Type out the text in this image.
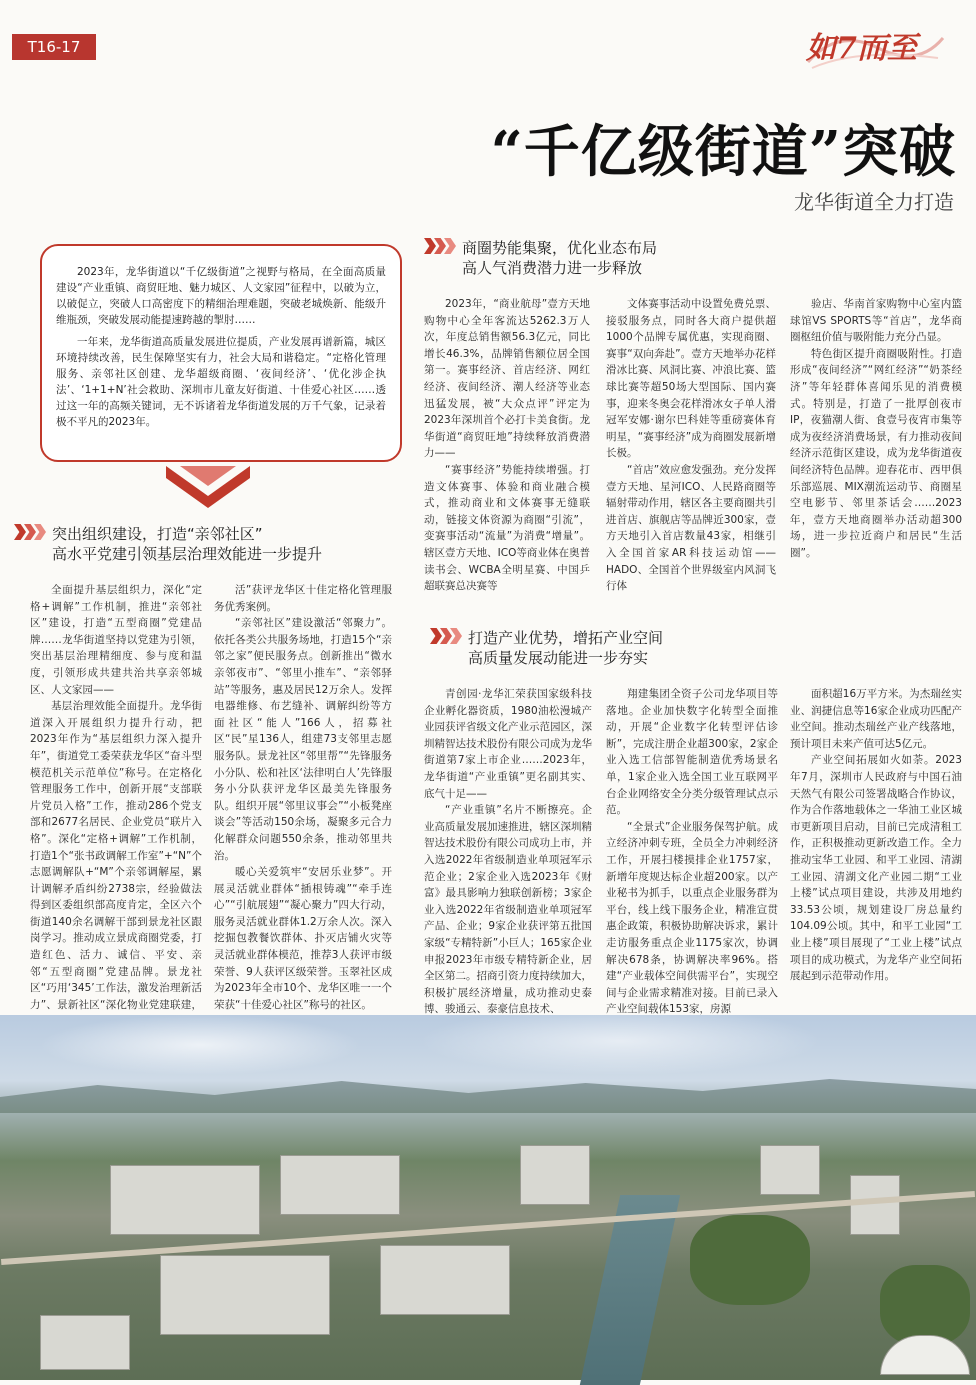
T16-17	如7而至
“千亿级街道”突破
龙华街道全力打造

2023年，龙华街道以“千亿级街道”之视野与格局，在全面高质量建设“产业重镇、商贸旺地、魅力城区、人文家园”征程中，以破为立，以破促立，突破人口高密度下的精细治理难题，突破老城焕新、能级升维瓶颈，突破发展动能提速跨越的掣肘……

一年来，龙华街道高质量发展进位提质，产业发展再谱新篇，城区环境持续改善，民生保障坚实有力，社会大局和谐稳定。“定格化管理服务、亲邻社区创建、龙华超级商圈、‘夜间经济’、‘优化涉企执法’、‘1+1+N’社会救助、深圳市儿童友好街道、十佳爱心社区……透过这一年的高频关键词，无不诉诸着龙华街道发展的万千气象，记录着极不平凡的2023年。

商圈势能集聚，优化业态布局
高人气消费潜力进一步释放

2023年，“商业航母”壹方天地购物中心全年客流达5262.3万人次，年度总销售额56.3亿元，同比增长46.3%，品牌销售额位居全国第一。赛事经济、首店经济、网红经济、夜间经济、潮人经济等业态迅猛发展，被“大众点评”评定为2023年深圳首个必打卡美食街。龙华街道“商贸旺地”持续释放消费潜力——

“赛事经济”势能持续增强。打造文体赛事、体验和商业融合模式，推动商业和文体赛事无缝联动，链接文体资源为商圈“引流”，变赛事活动“流量”为消费“增量”。辖区壹方天地、ICO等商业体在奥普读书会、WCBA全明星赛、中国乒超联赛总决赛等

文体赛事活动中设置免费兑票、接驳服务点，同时各大商户提供超1000个品牌专属优惠，实现商圈、赛事“双向奔赴”。壹方天地举办花样滑冰比赛、风洞比赛、冲浪比赛、篮球比赛等超50场大型国际、国内赛事，迎来冬奥会花样滑冰女子单人滑冠军安娜·谢尔巴科娃等重磅赛体育明星，“赛事经济”成为商圈发展新增长极。

“首店”效应愈发强劲。充分发挥壹方天地、星河ICO、人民路商圈等辐射带动作用，辖区各主要商圈共引进首店、旗舰店等品牌近300家，壹方天地引入首店数量43家，相继引入全国首家AR科技运动馆——HADO、全国首个世界级室内风洞飞行体

验店、华南首家购物中心室内篮球馆VS SPORTS等“首店”，龙华商圈枢纽价值与吸附能力充分凸显。

特色街区提升商圈吸附性。打造形成“夜间经济”“网红经济”“奶茶经济”等年轻群体喜闻乐见的消费模式。特别是，打造了一批厚创夜市IP，夜猫潮人街、食壹号夜宵市集等成为夜经济消费场景，有力推动夜间经济示范街区建设，成为龙华街道夜间经济特色品牌。迎春花市、西甲俱乐部巡展、MIX潮流运动节、商圈星空电影节、邻里茶话会……2023年，壹方天地商圈举办活动超300场，进一步拉近商户和居民“生活圈”。

突出组织建设，打造“亲邻社区”
高水平党建引领基层治理效能进一步提升

全面提升基层组织力，深化“定格+调解”工作机制，推进“亲邻社区”建设，打造“五型商圈”党建品牌……龙华街道坚持以党建为引领，突出基层治理精细度、参与度和温度，引领形成共建共治共享亲邻城区、人文家园——

基层治理效能全面提升。龙华街道深入开展组织力提升行动，把2023年作为“基层组织力深入提升年”，街道党工委荣获龙华区“奋斗型模范机关示范单位”称号。在定格化管理服务工作中，创新开展“支部联片党员入格”工作，推动286个党支部和2677名居民、企业党员“联片入格”。深化“定格+调解”工作机制，打造1个“张书政调解工作室”+“N”个志愿调解队+“M”个亲邻调解屋，累计调解矛盾纠纷2738宗，经验做法得到区委组织部高度肯定，全区六个街道140余名调解干部到景龙社区跟岗学习。推动成立景成商圈党委，打造红色、活力、诚信、平安、亲邻“五型商圈”党建品牌。景龙社区“巧用‘345’工作法，激发治理新活力”、景新社区“深化物业党建联建，

活”获评龙华区十佳定格化管理服务优秀案例。

“亲邻社区”建设激活“邻聚力”。依托各类公共服务场地，打造15个“亲邻之家”便民服务点。创新推出“微水亲邻夜市”、“邻里小推车”、“亲邻驿站”等服务，惠及居民12万余人。发挥电器维修、布艺缝补、调解纠纷等方面社区“能人”166人，招募社区“民”星136人，组建73支邻里志愿服务队。景龙社区“邻里帮”“先锋服务小分队、松和社区‘法律明白人’先锋服务小分队获评龙华区最美先锋服务队。组织开展“邻里议事会”“小板凳座谈会”等活动150余场，凝聚多元合力化解群众问题550余条，推动邻里共治。

暖心关爱筑牢“安居乐业梦”。开展灵活就业群体“插根铸魂”“牵手连心”“引航展翅”“凝心聚力”四大行动，服务灵活就业群体1.2万余人次。深入挖掘包教餐饮群体、扑灭店铺火灾等灵活就业群体模范，推荐3人获评市级荣誉、9人获评区级荣誉。玉翠社区成为2023年全市10个、龙华区唯一一个荣获“十佳爱心社区”称号的社区。

打造产业优势，增拓产业空间
高质量发展动能进一步夯实

青创园·龙华汇荣获国家级科技企业孵化器资质，1980油松漫城产业园获评省级文化产业示范园区，深圳精智达技术股份有限公司成为龙华街道第7家上市企业……2023年，龙华街道“产业重镇”更名副其实、底气十足——

“产业重镇”名片不断擦亮。企业高质量发展加速推进，辖区深圳精智达技术股份有限公司成功上市，并入选2022年省级制造业单项冠军示范企业；2家企业入选2023年《财富》最具影响力独联创新榜；3家企业入选2022年省级制造业单项冠军产品、企业；9家企业获评第五批国家级“专精特新”小巨人；165家企业申报2023年市级专精特新企业，居全区第二。招商引资力度持续加大，积极扩展经济增量，成功推动史泰博、骏通云、泰豪信息技术、

翔建集团全资子公司龙华项目等落地。企业加快数字化转型全面推动，开展“企业数字化转型评估诊断”，完成注册企业超300家，2家企业入选工信部智能制造优秀场景名单，1家企业入选全国工业互联网平台企业网络安全分类分级管理试点示范。

“全景式”企业服务保驾护航。成立经济冲刺专班，全员全力冲刺经济工作，开展扫楼摸排企业1757家，新增年度规达标企业超200家。以产业秘书为抓手，以重点企业服务群为平台，线上线下服务企业，精准宣贯惠企政策，积极协助解决诉求，累计走访服务重点企业1175家次，协调解决678条，协调解决率96%。搭建“产业载体空间供需平台”，实现空间与企业需求精准对接。目前已录入产业空间载体153家，房源

面积超16万平方米。为杰瑞丝实业、润捷信息等16家企业成功匹配产业空间。推动杰瑞丝产业产线落地，预计项目未来产值可达5亿元。

产业空间拓展如火如荼。2023年7月，深圳市人民政府与中国石油天然气有限公司签署战略合作协议，作为合作落地载体之一华油工业区城市更新项目启动，目前已完成清租工作，正积极推动更新改造工作。全力推动宝华工业园、和平工业园、清湖工业园、清湖文化产业园二期“工业上楼”试点项目建设，共涉及用地约33.53公顷，规划建设厂房总量约104.09公顷。其中，和平工业园“工业上楼”项目展现了“工业上楼”试点项目的成功模式，为龙华产业空间拓展起到示范带动作用。
